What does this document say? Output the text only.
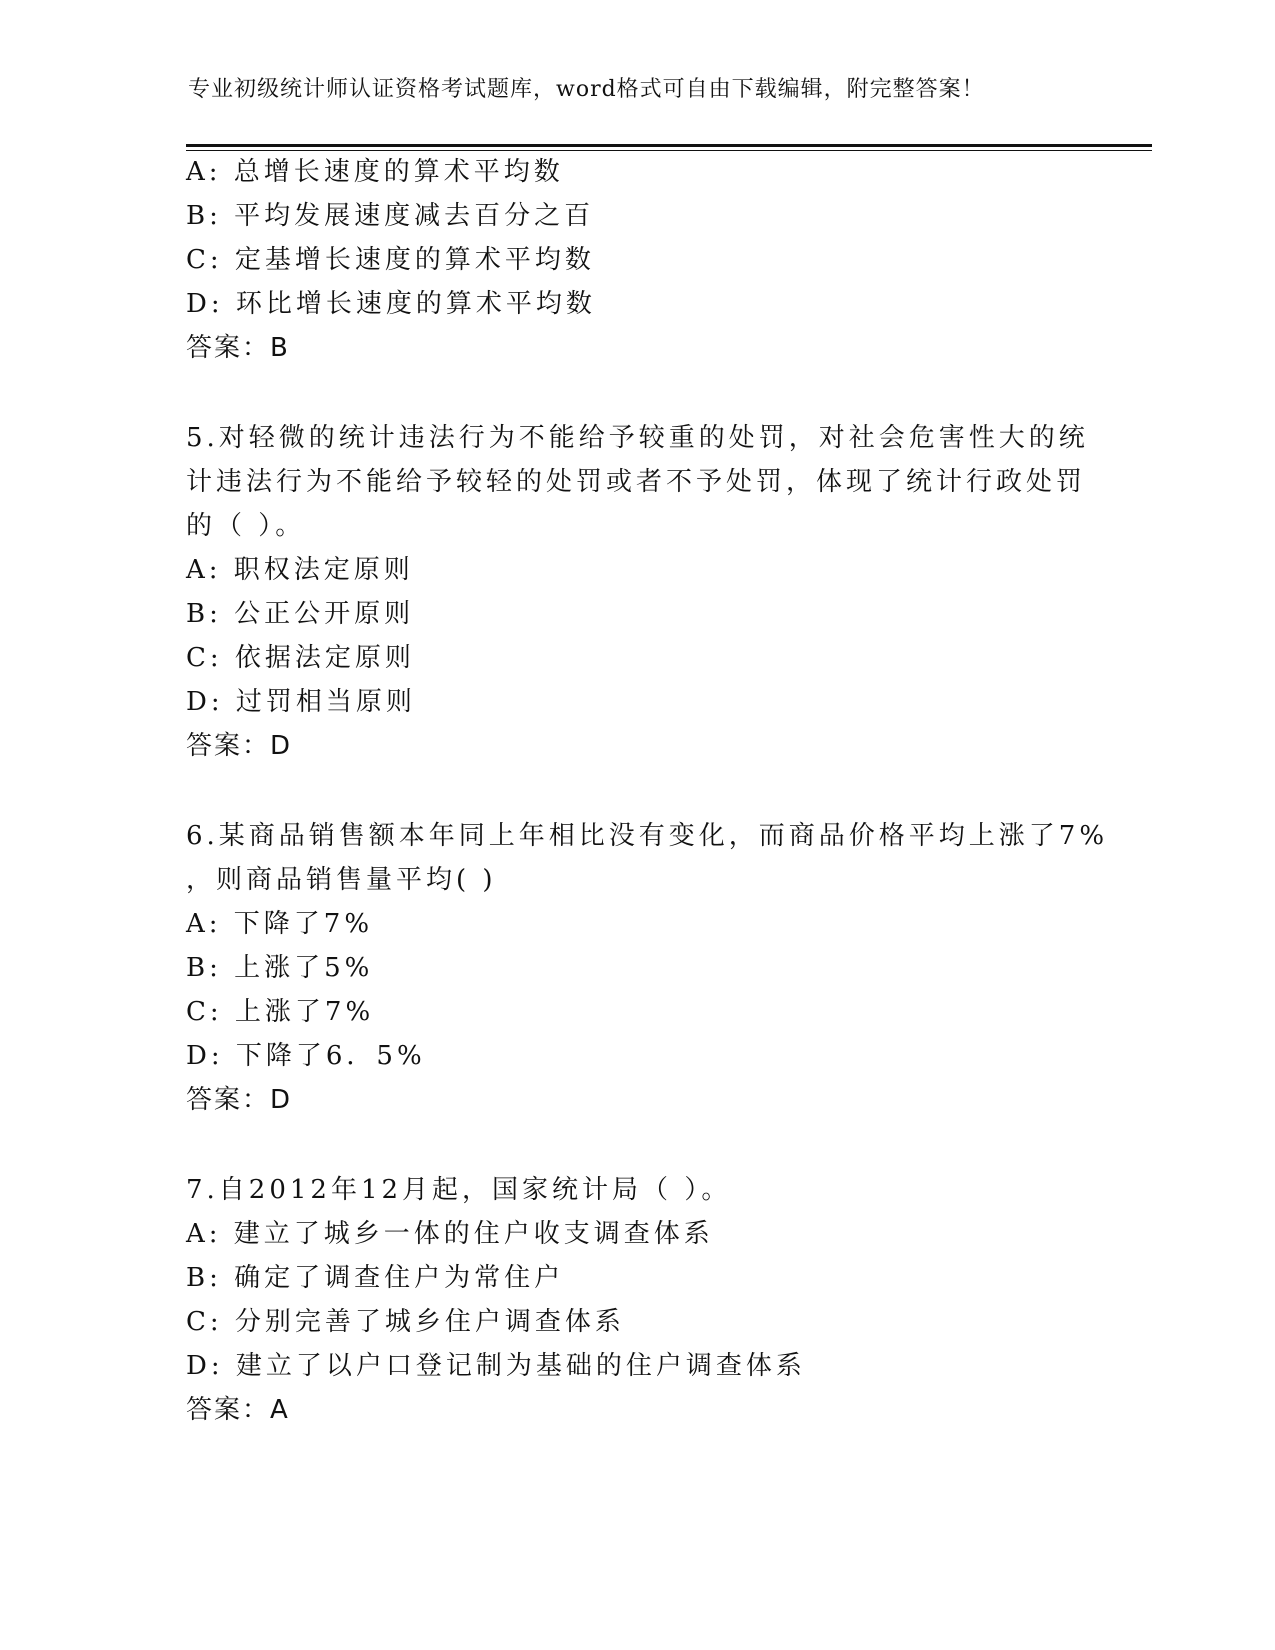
专业初级统计师认证资格考试题库，word格式可自由下载编辑，附完整答案！
A: 总增长速度的算术平均数
B: 平均发展速度减去百分之百
C: 定基增长速度的算术平均数
D: 环比增长速度的算术平均数
答案：B
5.对轻微的统计违法行为不能给予较重的处罚，对社会危害性大的统
计违法行为不能给予较轻的处罚或者不予处罚，体现了统计行政处罚
的（ ）。
A: 职权法定原则
B: 公正公开原则
C: 依据法定原则
D: 过罚相当原则
答案：D
6.某商品销售额本年同上年相比没有变化，而商品价格平均上涨了7%
，则商品销售量平均( )
A: 下降了7%
B: 上涨了5%
C: 上涨了7%
D: 下降了6．5%
答案：D
7.自2012年12月起，国家统计局（ ）。
A: 建立了城乡一体的住户收支调查体系
B: 确定了调查住户为常住户
C: 分别完善了城乡住户调查体系
D: 建立了以户口登记制为基础的住户调查体系
答案：A
